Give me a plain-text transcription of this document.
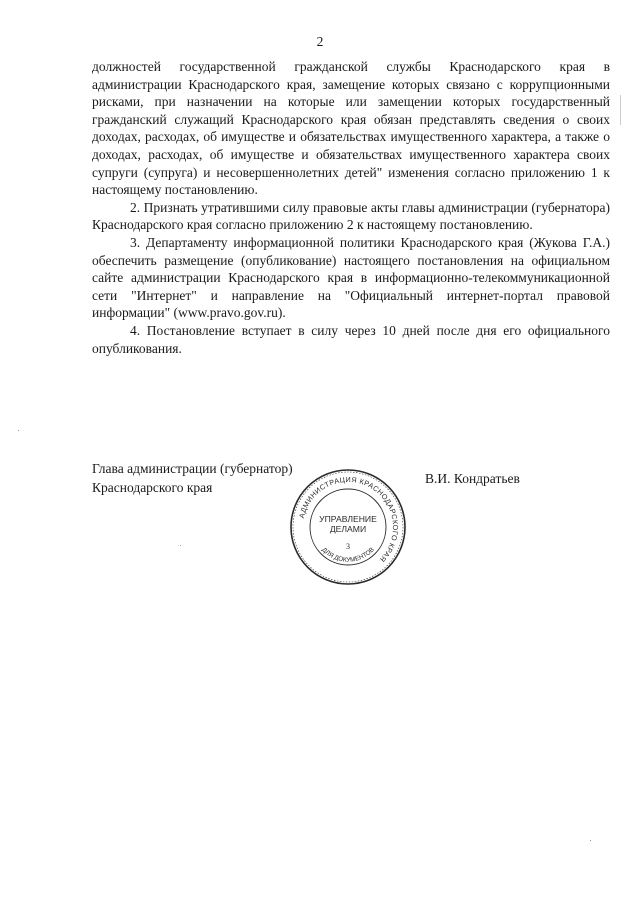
2

должностей государственной гражданской службы Краснодарского края в администрации Краснодарского края, замещение которых связано с коррупционными рисками, при назначении на которые или замещении которых государственный гражданский служащий Краснодарского края обязан представлять сведения о своих доходах, расходах, об имуществе и обязательствах имущественного характера, а также о доходах, расходах, об имуществе и обязательствах имущественного характера своих супруги (супруга) и несовершеннолетних детей" изменения согласно приложению 1 к настоящему постановлению.

2. Признать утратившими силу правовые акты главы администрации (губернатора) Краснодарского края согласно приложению 2 к настоящему постановлению.

3. Департаменту информационной политики Краснодарского края (Жукова Г.А.) обеспечить размещение (опубликование) настоящего постановления на официальном сайте администрации Краснодарского края в информационно-телекоммуникационной сети "Интернет" и направление на "Официальный интернет-портал правовой информации" (www.pravo.gov.ru).

4. Постановление вступает в силу через 10 дней после дня его официального опубликования.

Глава администрации (губернатор)
Краснодарского края
В.И. Кондратьев
АДМИНИСТРАЦИЯ КРАСНОДАРСКОГО КРАЯ
ДЛЯ ДОКУМЕНТОВ
УПРАВЛЕНИЕ
ДЕЛАМИ
3
